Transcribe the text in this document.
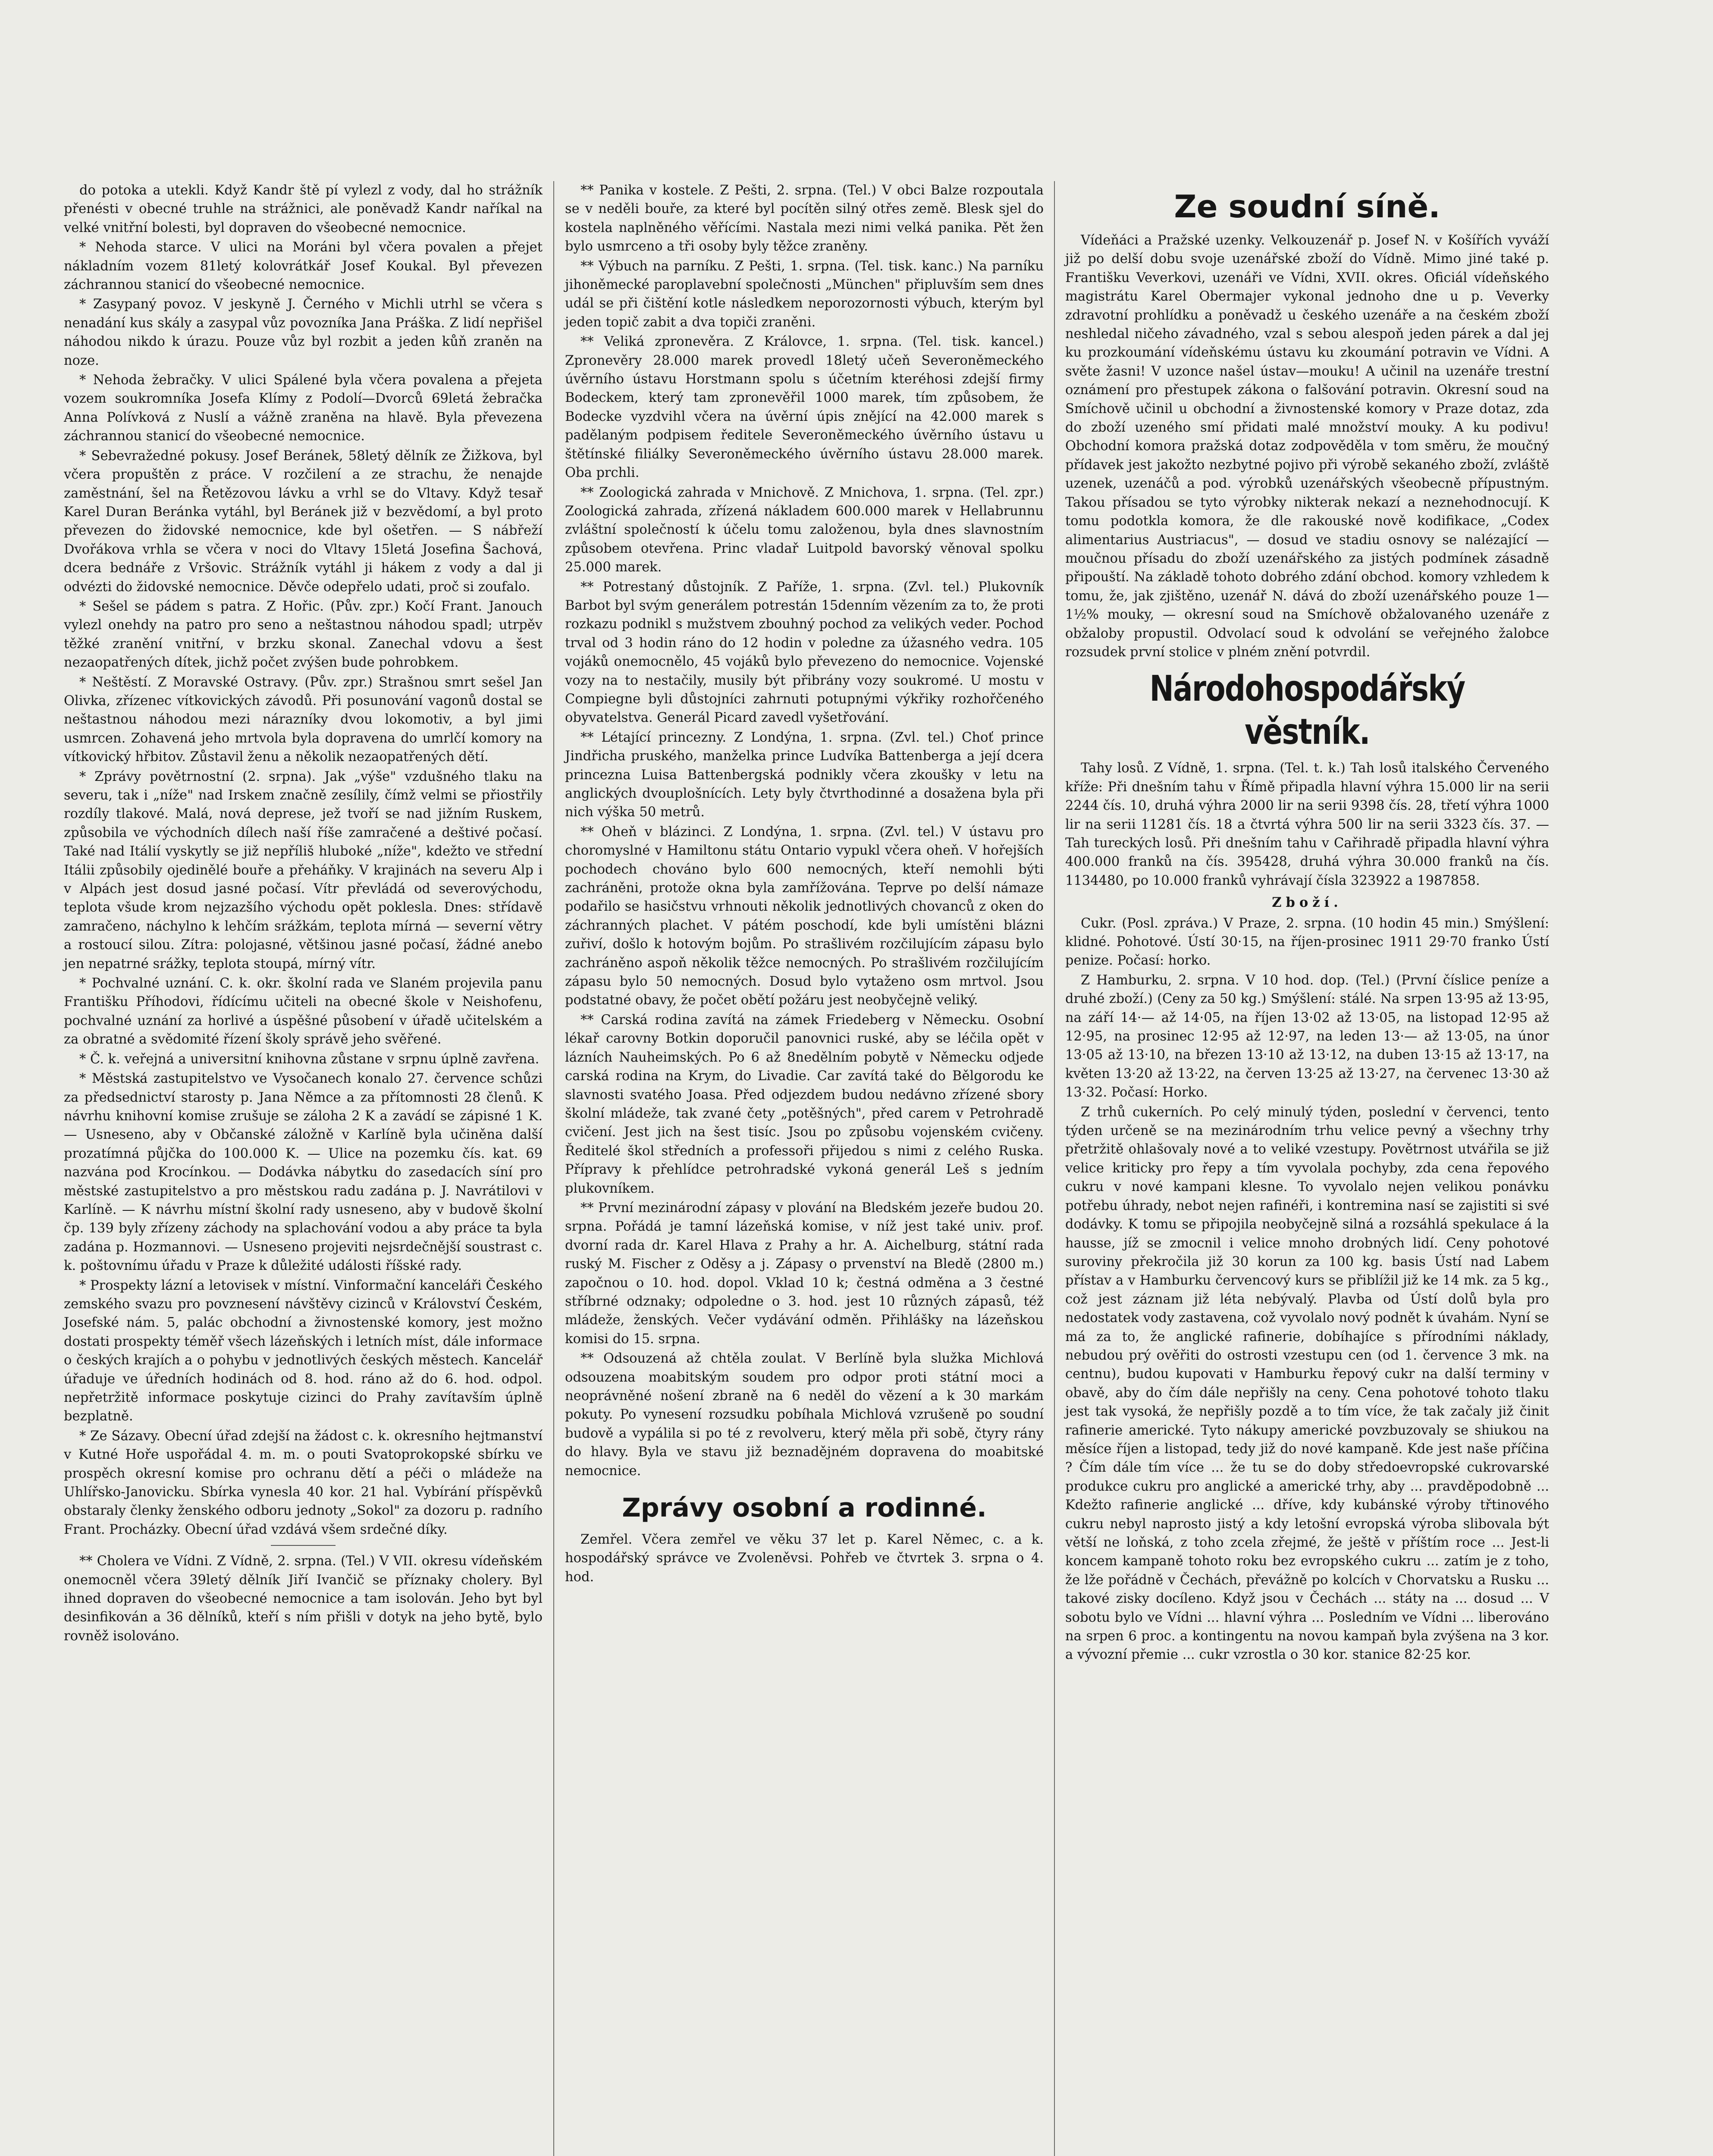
do potoka a utekli. Když Kandr ště pí vylezl z vody, dal ho strážník přenésti v obecné truhle na strážnici, ale poněvadž Kandr naříkal na velké vnitřní bolesti, byl dopraven do všeobecné nemocnice.

* Nehoda starce. V ulici na Moráni byl včera povalen a přejet nákladním vozem 81letý kolovrátkář Josef Koukal. Byl převezen záchrannou stanicí do všeobecné nemocnice.

* Zasypaný povoz. V jeskyně J. Černého v Michli utrhl se včera s nenadání kus skály a zasypal vůz povozníka Jana Práška. Z lidí nepřišel náhodou nikdo k úrazu. Pouze vůz byl rozbit a jeden kůň zraněn na noze.

* Nehoda žebračky. V ulici Spálené byla včera povalena a přejeta vozem soukromníka Josefa Klímy z Podolí—Dvorců 69letá žebračka Anna Polívková z Nuslí a vážně zraněna na hlavě. Byla převezena záchrannou stanicí do všeobecné nemocnice.

* Sebevražedné pokusy. Josef Beránek, 58letý dělník ze Žižkova, byl včera propuštěn z práce. V rozčilení a ze strachu, že nenajde zaměstnání, šel na Řetězovou lávku a vrhl se do Vltavy. Když tesař Karel Duran Beránka vytáhl, byl Beránek již v bezvědomí, a byl proto převezen do židovské nemocnice, kde byl ošetřen. — S nábřeží Dvořákova vrhla se včera v noci do Vltavy 15letá Josefina Šachová, dcera bednáře z Vršovic. Strážník vytáhl ji hákem z vody a dal ji odvézti do židovské nemocnice. Děvče odepřelo udati, proč si zoufalo.

* Sešel se pádem s patra. Z Hořic. (Pův. zpr.) Kočí Frant. Janouch vylezl onehdy na patro pro seno a neštastnou náhodou spadl; utrpěv těžké zranění vnitřní, v brzku skonal. Zanechal vdovu a šest nezaopatřených dítek, jichž počet zvýšen bude pohrobkem.

* Neštěstí. Z Moravské Ostravy. (Pův. zpr.) Strašnou smrt sešel Jan Olivka, zřízenec vítkovických závodů. Při posunování vagonů dostal se neštastnou náhodou mezi nárazníky dvou lokomotiv, a byl jimi usmrcen. Zohavená jeho mrtvola byla dopravena do umrlčí komory na vítkovický hřbitov. Zůstavil ženu a několik nezaopatřených dětí.

* Zprávy povětrnostní (2. srpna). Jak „výše" vzdušného tlaku na severu, tak i „níže" nad Irskem značně zesílily, čímž velmi se přiostřily rozdíly tlakové. Malá, nová deprese, jež tvoří se nad jižním Ruskem, způsobila ve východních dílech naší říše zamračené a deštivé počasí. Také nad Itálií vyskytly se již nepříliš hluboké „níže", kdežto ve střední Itálii způsobily ojedinělé bouře a přeháňky. V krajinách na severu Alp i v Alpách jest dosud jasné počasí. Vítr převládá od severovýchodu, teplota všude krom nejzazšího východu opět poklesla. Dnes: střídavě zamračeno, náchylno k lehčím srážkám, teplota mírná — severní větry a rostoucí silou. Zítra: polojasné, většinou jasné počasí, žádné anebo jen nepatrné srážky, teplota stoupá, mírný vítr.

* Pochvalné uznání. C. k. okr. školní rada ve Slaném projevila panu Františku Příhodovi, řídícímu učiteli na obecné škole v Neishofenu, pochvalné uznání za horlivé a úspěšné působení v úřadě učitelském a za obratné a svědomité řízení školy správě jeho svěřené.

* Č. k. veřejná a universitní knihovna zůstane v srpnu úplně zavřena.

* Městská zastupitelstvo ve Vysočanech konalo 27. července schůzi za předsednictví starosty p. Jana Němce a za přítomnosti 28 členů. K návrhu knihovní komise zrušuje se záloha 2 K a zavádí se zápisné 1 K. — Usneseno, aby v Občanské záložně v Karlíně byla učiněna další prozatímná půjčka do 100.000 K. — Ulice na pozemku čís. kat. 69 nazvána pod Krocínkou. — Dodávka nábytku do zasedacích síní pro městské zastupitelstvo a pro městskou radu zadána p. J. Navrátilovi v Karlíně. — K návrhu místní školní rady usneseno, aby v budově školní čp. 139 byly zřízeny záchody na splachování vodou a aby práce ta byla zadána p. Hozmannovi. — Usneseno projeviti nejsrdečnější soustrast c. k. poštovnímu úřadu v Praze k důležité události říšské rady.

* Prospekty lázní a letovisek v místní. Vinformační kanceláři Českého zemského svazu pro povznesení návštěvy cizinců v Království Českém, Josefské nám. 5, palác obchodní a živnostenské komory, jest možno dostati prospekty téměř všech lázeňských i letních míst, dále informace o českých krajích a o pohybu v jednotlivých českých městech. Kancelář úřaduje ve úředních hodinách od 8. hod. ráno až do 6. hod. odpol. nepřetržitě informace poskytuje cizinci do Prahy zavítavším úplně bezplatně.

* Ze Sázavy. Obecní úřad zdejší na žádost c. k. okresního hejtmanství v Kutné Hoře uspořádal 4. m. m. o pouti Svatoprokopské sbírku ve prospěch okresní komise pro ochranu dětí a péči o mládeže na Uhlířsko-Janovicku. Sbírka vynesla 40 kor. 21 hal. Vybírání příspěvků obstaraly členky ženského odboru jednoty „Sokol" za dozoru p. radního Frant. Procházky. Obecní úřad vzdává všem srdečné díky.

** Cholera ve Vídni. Z Vídně, 2. srpna. (Tel.) V VII. okresu vídeňském onemocněl včera 39letý dělník Jiří Ivančič se příznaky cholery. Byl ihned dopraven do všeobecné nemocnice a tam isolován. Jeho byt byl desinfikován a 36 dělníků, kteří s ním přišli v dotyk na jeho bytě, bylo rovněž isolováno.

** Panika v kostele. Z Pešti, 2. srpna. (Tel.) V obci Balze rozpoutala se v neděli bouře, za které byl pocítěn silný otřes země. Blesk sjel do kostela naplněného věřícími. Nastala mezi nimi velká panika. Pět žen bylo usmrceno a tři osoby byly těžce zraněny.

** Výbuch na parníku. Z Pešti, 1. srpna. (Tel. tisk. kanc.) Na parníku jihoněmecké paroplavební společnosti „München" připluvším sem dnes udál se při čištění kotle následkem neporozornosti výbuch, kterým byl jeden topič zabit a dva topiči zraněni.

** Veliká zpronevěra. Z Královce, 1. srpna. (Tel. tisk. kancel.) Zpronevěry 28.000 marek provedl 18letý učeň Severoněmeckého úvěrního ústavu Horstmann spolu s účetním kteréhosi zdejší firmy Bodeckem, který tam zpronevěřil 1000 marek, tím způsobem, že Bodecke vyzdvihl včera na úvěrní úpis znějící na 42.000 marek s padělaným podpisem ředitele Severoněmeckého úvěrního ústavu u štětínské filiálky Severoněmeckého úvěrního ústavu 28.000 marek. Oba prchli.

** Zoologická zahrada v Mnichově. Z Mnichova, 1. srpna. (Tel. zpr.) Zoologická zahrada, zřízená nákladem 600.000 marek v Hellabrunnu zvláštní společností k účelu tomu založenou, byla dnes slavnostním způsobem otevřena. Princ vladař Luitpold bavorský věnoval spolku 25.000 marek.

** Potrestaný důstojník. Z Paříže, 1. srpna. (Zvl. tel.) Plukovník Barbot byl svým generálem potrestán 15denním vězením za to, že proti rozkazu podnikl s mužstvem zbouhný pochod za velikých veder. Pochod trval od 3 hodin ráno do 12 hodin v poledne za úžasného vedra. 105 vojáků onemocnělo, 45 vojáků bylo převezeno do nemocnice. Vojenské vozy na to nestačily, musily být přibrány vozy soukromé. U mostu v Compiegne byli důstojníci zahrnuti potupnými výkřiky rozhořčeného obyvatelstva. Generál Picard zavedl vyšetřování.

** Létající princezny. Z Londýna, 1. srpna. (Zvl. tel.) Choť prince Jindřicha pruského, manželka prince Ludvíka Battenberga a její dcera princezna Luisa Battenbergská podnikly včera zkoušky v letu na anglických dvouplošnících. Lety byly čtvrthodinné a dosažena byla při nich výška 50 metrů.

** Oheň v blázinci. Z Londýna, 1. srpna. (Zvl. tel.) V ústavu pro choromyslné v Hamiltonu státu Ontario vypukl včera oheň. V hořejších pochodech chováno bylo 600 nemocných, kteří nemohli býti zachráněni, protože okna byla zamřížována. Teprve po delší námaze podařilo se hasičstvu vrhnouti několik jednotlivých chovanců z oken do záchranných plachet. V pátém poschodí, kde byli umístěni blázni zuřiví, došlo k hotovým bojům. Po strašlivém rozčilujícím zápasu bylo zachráněno aspoň několik těžce nemocných. Po strašlivém rozčilujícím zápasu bylo 50 nemocných. Dosud bylo vytaženo osm mrtvol. Jsou podstatné obavy, že počet obětí požáru jest neobyčejně veliký.

** Carská rodina zavítá na zámek Friedeberg v Německu. Osobní lékař carovny Botkin doporučil panovnici ruské, aby se léčila opět v lázních Nauheimských. Po 6 až 8nedělním pobytě v Německu odjede carská rodina na Krym, do Livadie. Car zavítá také do Bělgorodu ke slavnosti svatého Joasa. Před odjezdem budou nedávno zřízené sbory školní mládeže, tak zvané čety „potěšných", před carem v Petrohradě cvičení. Jest jich na šest tisíc. Jsou po způsobu vojenském cvičeny. Ředitelé škol středních a professoři přijedou s nimi z celého Ruska. Přípravy k přehlídce petrohradské vykoná generál Leš s jedním plukovníkem.

** První mezinárodní zápasy v plování na Bledském jezeře budou 20. srpna. Pořádá je tamní lázeňská komise, v níž jest také univ. prof. dvorní rada dr. Karel Hlava z Prahy a hr. A. Aichelburg, státní rada ruský M. Fischer z Oděsy a j. Zápasy o prvenství na Bledě (2800 m.) započnou o 10. hod. dopol. Vklad 10 k; čestná odměna a 3 čestné stříbrné odznaky; odpoledne o 3. hod. jest 10 různých zápasů, též mládeže, ženských. Večer vydávání odměn. Přihlášky na lázeňskou komisi do 15. srpna.

** Odsouzená až chtěla zoulat. V Berlíně byla služka Michlová odsouzena moabitským soudem pro odpor proti státní moci a neoprávněné nošení zbraně na 6 neděl do vězení a k 30 markám pokuty. Po vynesení rozsudku pobíhala Michlová vzrušeně po soudní budově a vypálila si po té z revolveru, který měla při sobě, čtyry rány do hlavy. Byla ve stavu již beznadějném dopravena do moabitské nemocnice.

Zprávy osobní a rodinné.

Zemřel. Včera zemřel ve věku 37 let p. Karel Němec, c. a k. hospodářský správce ve Zvoleněvsi. Pohřeb ve čtvrtek 3. srpna o 4. hod.

Ze soudní síně.

Vídeňáci a Pražské uzenky. Velkouzenář p. Josef N. v Košířích vyváží již po delší dobu svoje uzenářské zboží do Vídně. Mimo jiné také p. Františku Veverkovi, uzenáři ve Vídni, XVII. okres. Oficiál vídeňského magistrátu Karel Obermajer vykonal jednoho dne u p. Veverky zdravotní prohlídku a poněvadž u českého uzenáře a na českém zboží neshledal ničeho závadného, vzal s sebou alespoň jeden párek a dal jej ku prozkoumání vídeňskému ústavu ku zkoumání potravin ve Vídni. A světe žasni! V uzonce našel ústav—mouku! A učinil na uzenáře trestní oznámení pro přestupek zákona o falšování potravin. Okresní soud na Smíchově učinil u obchodní a živnostenské komory v Praze dotaz, zda do zboží uzeného smí přidati malé množství mouky. A ku podivu! Obchodní komora pražská dotaz zodpověděla v tom směru, že moučný přídavek jest jakožto nezbytné pojivo při výrobě sekaného zboží, zvláště uzenek, uzenáčů a pod. výrobků uzenářských všeobecně přípustným. Takou přísadou se tyto výrobky nikterak nekazí a neznehodnocují. K tomu podotkla komora, že dle rakouské nově kodifikace, „Codex alimentarius Austriacus", — dosud ve stadiu osnovy se nalézající — moučnou přísadu do zboží uzenářského za jistých podmínek zásadně připouští. Na základě tohoto dobrého zdání obchod. komory vzhledem k tomu, že, jak zjištěno, uzenář N. dává do zboží uzenářského pouze 1—1½% mouky, — okresní soud na Smíchově obžalovaného uzenáře z obžaloby propustil. Odvolací soud k odvolání se veřejného žalobce rozsudek první stolice v plném znění potvrdil.

Národohospodářský věstník.

Tahy losů. Z Vídně, 1. srpna. (Tel. t. k.) Tah losů italského Červeného kříže: Při dnešním tahu v Římě připadla hlavní výhra 15.000 lir na serii 2244 čís. 10, druhá výhra 2000 lir na serii 9398 čís. 28, třetí výhra 1000 lir na serii 11281 čís. 18 a čtvrtá výhra 500 lir na serii 3323 čís. 37. — Tah tureckých losů. Při dnešním tahu v Cařihradě připadla hlavní výhra 400.000 franků na čís. 395428, druhá výhra 30.000 franků na čís. 1134480, po 10.000 franků vyhrávají čísla 323922 a 1987858.

Zboží.

Cukr. (Posl. zpráva.) V Praze, 2. srpna. (10 hodin 45 min.) Smýšlení: klidné. Pohotové. Ústí 30·15, na říjen-prosinec 1911 29·70 franko Ústí penize. Počasí: horko.

Z Hamburku, 2. srpna. V 10 hod. dop. (Tel.) (První číslice peníze a druhé zboží.) (Ceny za 50 kg.) Smýšlení: stálé. Na srpen 13·95 až 13·95, na září 14·— až 14·05, na říjen 13·02 až 13·05, na listopad 12·95 až 12·95, na prosinec 12·95 až 12·97, na leden 13·— až 13·05, na únor 13·05 až 13·10, na březen 13·10 až 13·12, na duben 13·15 až 13·17, na květen 13·20 až 13·22, na červen 13·25 až 13·27, na červenec 13·30 až 13·32. Počasí: Horko.

Z trhů cukerních. Po celý minulý týden, poslední v červenci, tento týden určeně se na mezinárodním trhu velice pevný a všechny trhy přetržitě ohlašovaly nové a to veliké vzestupy. Povětrnost utvářila se již velice kriticky pro řepy a tím vyvolala pochyby, zda cena řepového cukru v nové kampani klesne. To vyvolalo nejen velikou ponávku potřebu úhrady, nebot nejen rafinéři, i kontremina nasí se zajistiti si své dodávky. K tomu se připojila neobyčejně silná a rozsáhlá spekulace á la hausse, jíž se zmocnil i velice mnoho drobných lidí. Ceny pohotové suroviny překročila již 30 korun za 100 kg. basis Ústí nad Labem přístav a v Hamburku červencový kurs se přiblížil již ke 14 mk. za 5 kg., což jest záznam již léta nebývalý. Plavba od Ústí dolů byla pro nedostatek vody zastavena, což vyvolalo nový podnět k úvahám. Nyní se má za to, že anglické rafinerie, dobíhajíce s přírodními náklady, nebudou prý ověřiti do ostrosti vzestupu cen (od 1. července 3 mk. na centnu), budou kupovati v Hamburku řepový cukr na další terminy v obavě, aby do čím dále nepřišly na ceny. Cena pohotové tohoto tlaku jest tak vysoká, že nepřišly pozdě a to tím více, že tak začaly již činit rafinerie americké. Tyto nákupy americké povzbuzovaly se shiukou na měsíce říjen a listopad, tedy již do nové kampaně. Kde jest naše příčina ? Čím dále tím více ... že tu se do doby středoevropské cukrovarské produkce cukru pro anglické a americké trhy, aby ... pravděpodobně ... Kdežto rafinerie anglické ... dříve, kdy kubánské výroby třtinového cukru nebyl naprosto jistý a kdy letošní evropská výroba slibovala být větší ne loňská, z toho zcela zřejmé, že ještě v příštím roce ... Jest-li koncem kampaně tohoto roku bez evropského cukru ... zatím je z toho, že lže pořádně v Čechách, převážně po kolcích v Chorvatsku a Rusku ... takové zisky docíleno. Když jsou v Čechách ... státy na ... dosud ... V sobotu bylo ve Vídni ... hlavní výhra ... Posledním ve Vídni ... liberováno na srpen 6 proc. a kontingentu na novou kampaň byla zvýšena na 3 kor. a vývozní přemie ... cukr vzrostla o 30 kor. stanice 82·25 kor.
